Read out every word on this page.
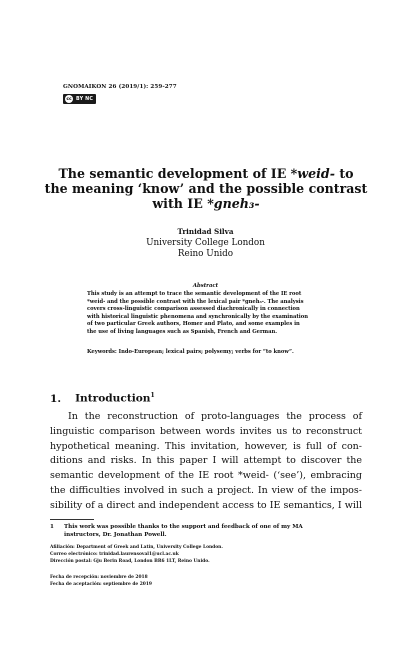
GNOMAIKON 26 (2019/1): 259-277
cc BY NC
The semantic development of IE *weid- to
the meaning ‘know’ and the possible contrast
with IE *gneh₃-
Trinidad Silva
University College London
Reino Unido
Abstract
This study is an attempt to trace the semantic development of the IE root
*weid- and the possible contrast with the lexical pair *gneh₃-. The analysis
covers cross-linguistic comparison assessed diachronically in connection
with historical linguistic phenomena and synchronically by the examination
of two particular Greek authors, Homer and Plato, and some examples in
the use of living languages such as Spanish, French and German.
Keywords: Indo-European; lexical pairs; polysemy; verbs for “to know”.
1. Introduction$^1$
In the reconstruction of proto-languages the process of
linguistic comparison between words invites us to reconstruct
hypothetical meaning. This invitation, however, is full of con-
ditions and risks. In this paper I will attempt to discover the
semantic development of the IE root *weid- (‘see’), embracing
the difficulties involved in such a project. In view of the impos-
sibility of a direct and independent access to IE semantics, I will
1 This work was possible thanks to the support and feedback of one of my MA
instructors, Dr. Jonathan Powell.
Afiliación: Department of Greek and Latin, University College London.
Correo electrónico: trinidad.laurensoval1@ucl.ac.uk
Dirección postal: Gju Berin Road, London BR6 1LT, Reino Unido.
Fecha de recepción: noviembre de 2018
Fecha de aceptación: septiembre de 2019
